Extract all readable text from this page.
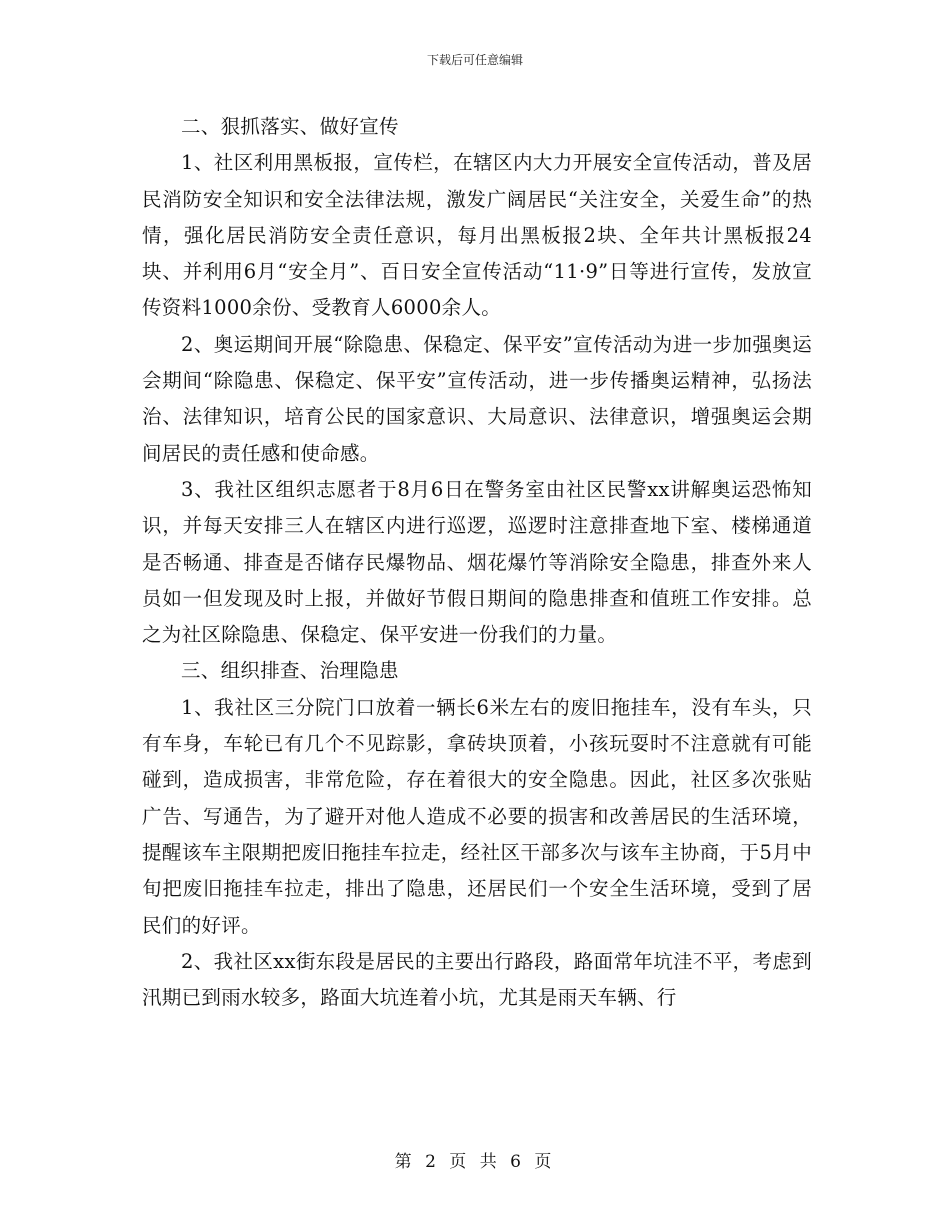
下载后可任意编辑

二、狠抓落实、做好宣传

1、社区利用黑板报，宣传栏，在辖区内大力开展安全宣传活动，普及居民消防安全知识和安全法律法规，激发广阔居民“关注安全，关爱生命”的热情，强化居民消防安全责任意识，每月出黑板报2块、全年共计黑板报24块、并利用6月“安全月”、百日安全宣传活动“11·9”日等进行宣传，发放宣传资料1000余份、受教育人6000余人。

2、奥运期间开展“除隐患、保稳定、保平安”宣传活动为进一步加强奥运会期间“除隐患、保稳定、保平安”宣传活动，进一步传播奥运精神，弘扬法治、法律知识，培育公民的国家意识、大局意识、法律意识，增强奥运会期间居民的责任感和使命感。

3、我社区组织志愿者于8月6日在警务室由社区民警xx讲解奥运恐怖知识，并每天安排三人在辖区内进行巡逻，巡逻时注意排查地下室、楼梯通道是否畅通、排查是否储存民爆物品、烟花爆竹等消除安全隐患，排查外来人员如一但发现及时上报，并做好节假日期间的隐患排查和值班工作安排。总之为社区除隐患、保稳定、保平安进一份我们的力量。

三、组织排查、治理隐患

1、我社区三分院门口放着一辆长6米左右的废旧拖挂车，没有车头，只有车身，车轮已有几个不见踪影，拿砖块顶着，小孩玩耍时不注意就有可能碰到，造成损害，非常危险，存在着很大的安全隐患。因此，社区多次张贴广告、写通告，为了避开对他人造成不必要的损害和改善居民的生活环境，提醒该车主限期把废旧拖挂车拉走，经社区干部多次与该车主协商，于5月中旬把废旧拖挂车拉走，排出了隐患，还居民们一个安全生活环境，受到了居民们的好评。

2、我社区xx街东段是居民的主要出行路段，路面常年坑洼不平，考虑到汛期已到雨水较多，路面大坑连着小坑，尤其是雨天车辆、行

第 2 页 共 6 页
